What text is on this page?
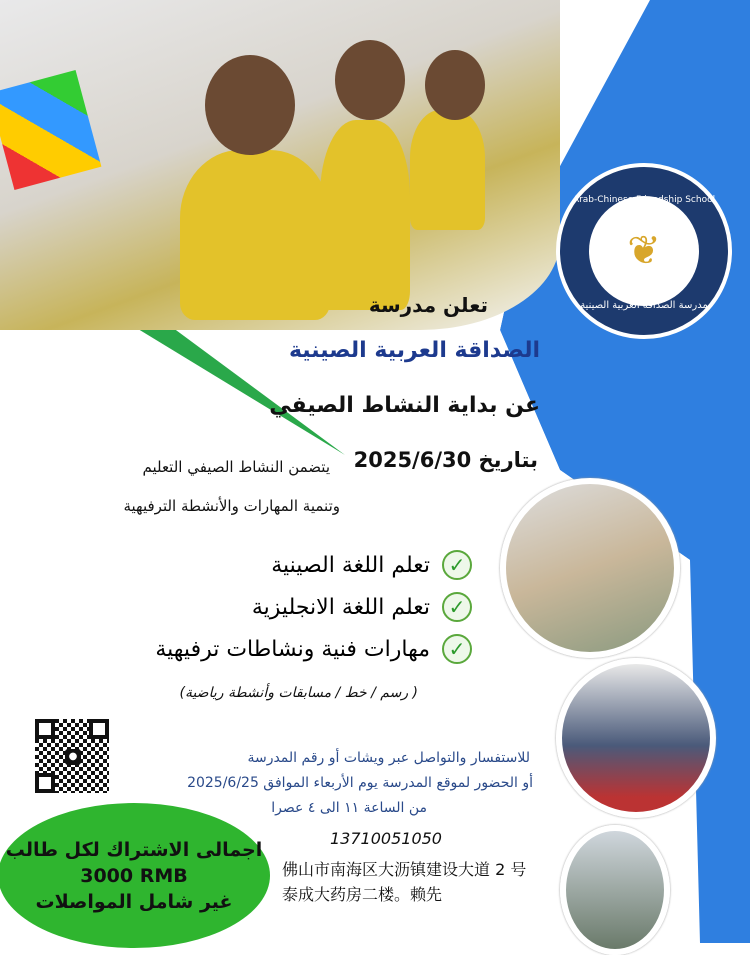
❦
Arab-Chinese Friendship School
مدرسة الصداقة العربية الصينية
تعلن مدرسة
الصداقة العربية الصينية
عن بداية النشاط الصيفي
بتاريخ 2025/6/30
يتضمن النشاط الصيفي التعليم
وتنمية المهارات والأنشطة الترفيهية
✓
تعلم اللغة الصينية
✓
تعلم اللغة الانجليزية
✓
مهارات فنية ونشاطات ترفيهية
( رسم / خط / مسابقات وأنشطة رياضية)
●	للاستفسار والتواصل عبر ويشات أو رقم المدرسة
أو الحضور لموقع المدرسة يوم الأربعاء الموافق 2025/6/25
من الساعة ١١ الى ٤ عصرا
13710051050
佛山市南海区大沥镇建设大道 2 号
泰成大药房二楼。赖先
اجمالى الاشتراك لكل طالب
3000 RMB
غير شامل المواصلات
